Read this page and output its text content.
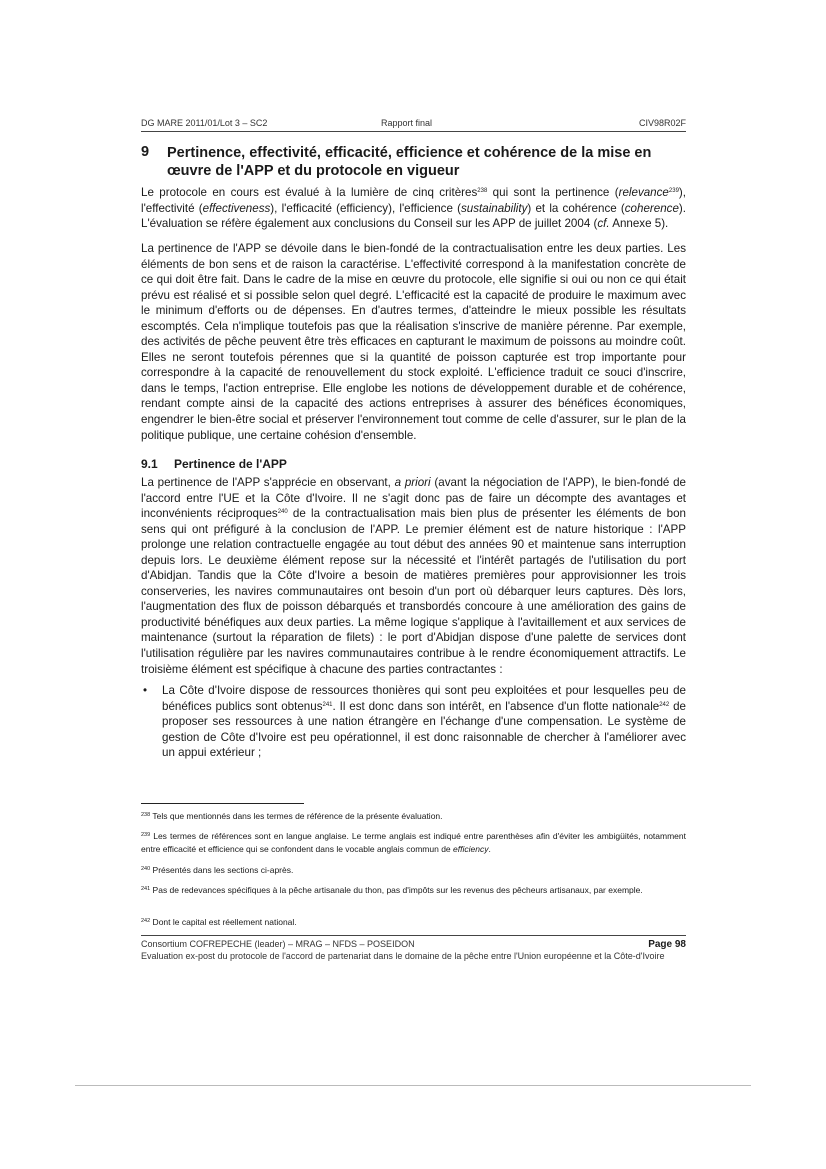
DG MARE 2011/01/Lot 3 – SC2	Rapport final	CIV98R02F
9 Pertinence, effectivité, efficacité, efficience et cohérence de la mise en œuvre de l'APP et du protocole en vigueur

Le protocole en cours est évalué à la lumière de cinq critères$^{238}$ qui sont la pertinence (relevance$^{239}$), l'effectivité (effectiveness), l'efficacité (efficiency), l'efficience (sustainability) et la cohérence (coherence). L'évaluation se réfère également aux conclusions du Conseil sur les APP de juillet 2004 (cf. Annexe 5).

La pertinence de l'APP se dévoile dans le bien-fondé de la contractualisation entre les deux parties. Les éléments de bon sens et de raison la caractérise. L'effectivité correspond à la manifestation concrète de ce qui doit être fait. Dans le cadre de la mise en œuvre du protocole, elle signifie si oui ou non ce qui était prévu est réalisé et si possible selon quel degré. L'efficacité est la capacité de produire le maximum avec le minimum d'efforts ou de dépenses. En d'autres termes, d'atteindre le mieux possible les résultats escomptés. Cela n'implique toutefois pas que la réalisation s'inscrive de manière pérenne. Par exemple, des activités de pêche peuvent être très efficaces en capturant le maximum de poissons au moindre coût. Elles ne seront toutefois pérennes que si la quantité de poisson capturée est trop importante pour correspondre à la capacité de renouvellement du stock exploité. L'efficience traduit ce souci d'inscrire, dans le temps, l'action entreprise. Elle englobe les notions de développement durable et de cohérence, rendant compte ainsi de la capacité des actions entreprises à assurer des bénéfices économiques, engendrer le bien-être social et préserver l'environnement tout comme de celle d'assurer, sur le plan de la politique publique, une certaine cohésion d'ensemble.

9.1 Pertinence de l'APP

La pertinence de l'APP s'apprécie en observant, a priori (avant la négociation de l'APP), le bien-fondé de l'accord entre l'UE et la Côte d'Ivoire. Il ne s'agit donc pas de faire un décompte des avantages et inconvénients réciproques$^{240}$ de la contractualisation mais bien plus de présenter les éléments de bon sens qui ont préfiguré à la conclusion de l'APP. Le premier élément est de nature historique : l'APP prolonge une relation contractuelle engagée au tout début des années 90 et maintenue sans interruption depuis lors. Le deuxième élément repose sur la nécessité et l'intérêt partagés de l'utilisation du port d'Abidjan. Tandis que la Côte d'Ivoire a besoin de matières premières pour approvisionner les trois conserveries, les navires communautaires ont besoin d'un port où débarquer leurs captures. Dès lors, l'augmentation des flux de poisson débarqués et transbordés concoure à une amélioration des gains de productivité bénéfiques aux deux parties. La même logique s'applique à l'avitaillement et aux services de maintenance (surtout la réparation de filets) : le port d'Abidjan dispose d'une palette de services dont l'utilisation régulière par les navires communautaires contribue à le rendre économiquement attractifs. Le troisième élément est spécifique à chacune des parties contractantes :

• La Côte d'Ivoire dispose de ressources thonières qui sont peu exploitées et pour lesquelles peu de bénéfices publics sont obtenus$^{241}$. Il est donc dans son intérêt, en l'absence d'un flotte nationale$^{242}$ de proposer ses ressources à une nation étrangère en l'échange d'une compensation. Le système de gestion de Côte d'Ivoire est peu opérationnel, il est donc raisonnable de chercher à l'améliorer avec un appui extérieur ;
$^{238}$ Tels que mentionnés dans les termes de référence de la présente évaluation.
$^{239}$ Les termes de références sont en langue anglaise. Le terme anglais est indiqué entre parenthèses afin d'éviter les ambigüités, notamment entre efficacité et efficience qui se confondent dans le vocable anglais commun de efficiency.
$^{240}$ Présentés dans les sections ci-après.
$^{241}$ Pas de redevances spécifiques à la pêche artisanale du thon, pas d'impôts sur les revenus des pêcheurs artisanaux, par exemple.
$^{242}$ Dont le capital est réellement national.
Consortium COFREPECHE (leader) – MRAG – NFDS – POSEIDON	Page 98
Evaluation ex-post du protocole de l'accord de partenariat dans le domaine de la pêche entre l'Union européenne et la Côte-d'Ivoire
